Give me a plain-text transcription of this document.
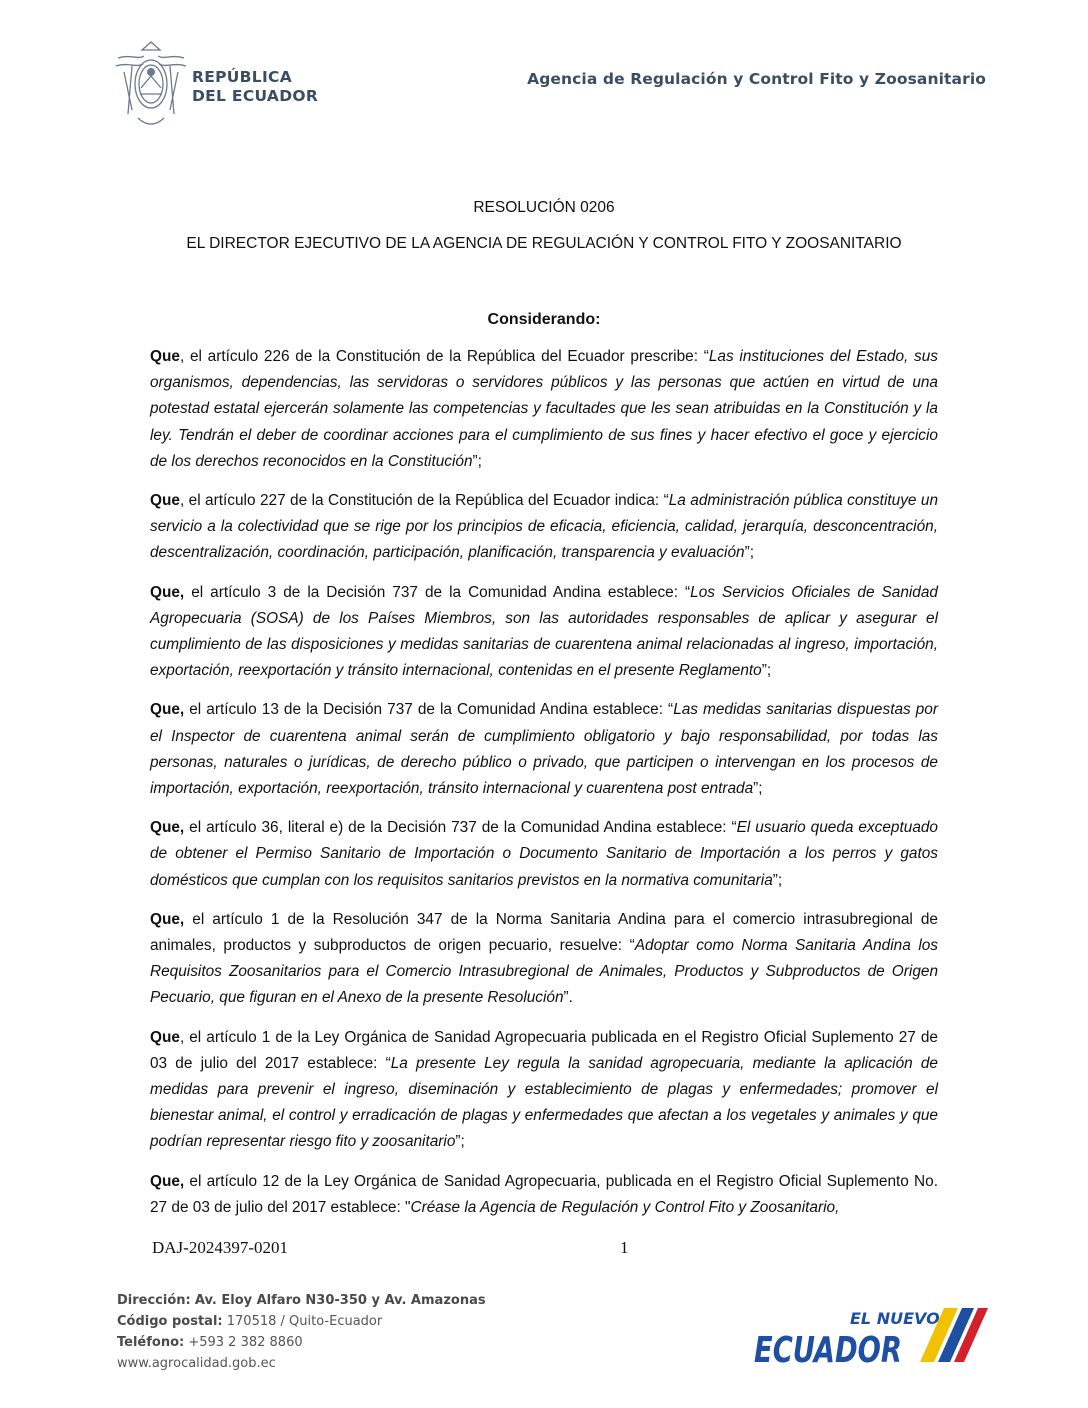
REPÚBLICA
DEL ECUADOR
Agencia de Regulación y Control Fito y Zoosanitario
RESOLUCIÓN 0206
EL DIRECTOR EJECUTIVO DE LA AGENCIA DE REGULACIÓN Y CONTROL FITO Y ZOOSANITARIO
Considerando:

Que, el artículo 226 de la Constitución de la República del Ecuador prescribe: “Las instituciones del Estado, sus organismos, dependencias, las servidoras o servidores públicos y las personas que actúen en virtud de una potestad estatal ejercerán solamente las competencias y facultades que les sean atribuidas en la Constitución y la ley. Tendrán el deber de coordinar acciones para el cumplimiento de sus fines y hacer efectivo el goce y ejercicio de los derechos reconocidos en la Constitución”;

Que, el artículo 227 de la Constitución de la República del Ecuador indica: “La administración pública constituye un servicio a la colectividad que se rige por los principios de eficacia, eficiencia, calidad, jerarquía, desconcentración, descentralización, coordinación, participación, planificación, transparencia y evaluación”;

Que, el artículo 3 de la Decisión 737 de la Comunidad Andina establece: “Los Servicios Oficiales de Sanidad Agropecuaria (SOSA) de los Países Miembros, son las autoridades responsables de aplicar y asegurar el cumplimiento de las disposiciones y medidas sanitarias de cuarentena animal relacionadas al ingreso, importación, exportación, reexportación y tránsito internacional, contenidas en el presente Reglamento”;

Que, el artículo 13 de la Decisión 737 de la Comunidad Andina establece: “Las medidas sanitarias dispuestas por el Inspector de cuarentena animal serán de cumplimiento obligatorio y bajo responsabilidad, por todas las personas, naturales o jurídicas, de derecho público o privado, que participen o intervengan en los procesos de importación, exportación, reexportación, tránsito internacional y cuarentena post entrada”;

Que, el artículo 36, literal e) de la Decisión 737 de la Comunidad Andina establece: “El usuario queda exceptuado de obtener el Permiso Sanitario de Importación o Documento Sanitario de Importación a los perros y gatos domésticos que cumplan con los requisitos sanitarios previstos en la normativa comunitaria”;

Que, el artículo 1 de la Resolución 347 de la Norma Sanitaria Andina para el comercio intrasubregional de animales, productos y subproductos de origen pecuario, resuelve: “Adoptar como Norma Sanitaria Andina los Requisitos Zoosanitarios para el Comercio Intrasubregional de Animales, Productos y Subproductos de Origen Pecuario, que figuran en el Anexo de la presente Resolución”.

Que, el artículo 1 de la Ley Orgánica de Sanidad Agropecuaria publicada en el Registro Oficial Suplemento 27 de 03 de julio del 2017 establece: “La presente Ley regula la sanidad agropecuaria, mediante la aplicación de medidas para prevenir el ingreso, diseminación y establecimiento de plagas y enfermedades; promover el bienestar animal, el control y erradicación de plagas y enfermedades que afectan a los vegetales y animales y que podrían representar riesgo fito y zoosanitario”;

Que, el artículo 12 de la Ley Orgánica de Sanidad Agropecuaria, publicada en el Registro Oficial Suplemento No. 27 de 03 de julio del 2017 establece: "Créase la Agencia de Regulación y Control Fito y Zoosanitario,

DAJ-2024397-0201	1
Dirección: Av. Eloy Alfaro N30-350 y Av. Amazonas
Código postal: 170518 / Quito-Ecuador
Teléfono: +593 2 382 8860
www.agrocalidad.gob.ec
EL NUEVO
ECUADOR
